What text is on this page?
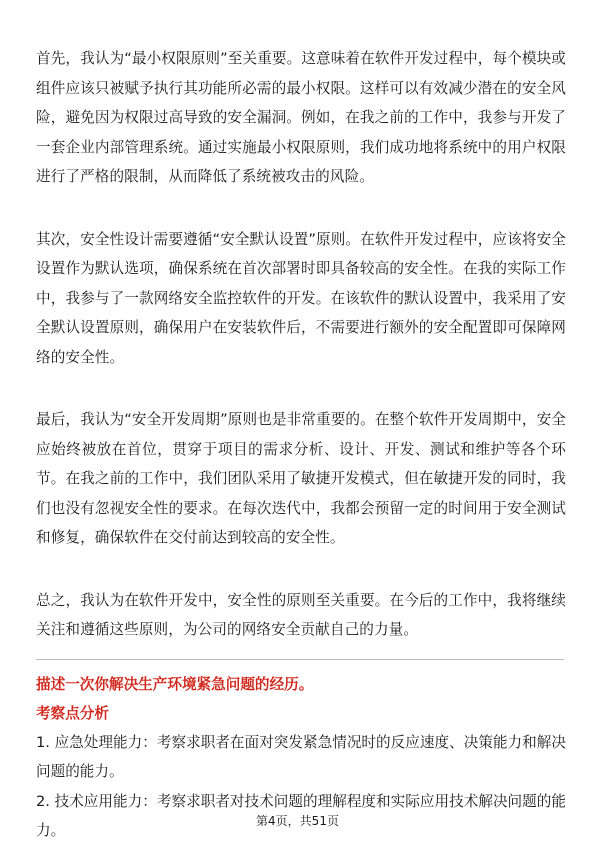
首先，我认为“最小权限原则”至关重要。这意味着在软件开发过程中，每个模块或组件应该只被赋予执行其功能所必需的最小权限。这样可以有效减少潜在的安全风险，避免因为权限过高导致的安全漏洞。例如，在我之前的工作中，我参与开发了一套企业内部管理系统。通过实施最小权限原则，我们成功地将系统中的用户权限进行了严格的限制，从而降低了系统被攻击的风险。

其次，安全性设计需要遵循“安全默认设置”原则。在软件开发过程中，应该将安全设置作为默认选项，确保系统在首次部署时即具备较高的安全性。在我的实际工作中，我参与了一款网络安全监控软件的开发。在该软件的默认设置中，我采用了安全默认设置原则，确保用户在安装软件后，不需要进行额外的安全配置即可保障网络的安全性。

最后，我认为“安全开发周期”原则也是非常重要的。在整个软件开发周期中，安全应始终被放在首位，贯穿于项目的需求分析、设计、开发、测试和维护等各个环节。在我之前的工作中，我们团队采用了敏捷开发模式，但在敏捷开发的同时，我们也没有忽视安全性的要求。在每次迭代中，我都会预留一定的时间用于安全测试和修复，确保软件在交付前达到较高的安全性。

总之，我认为在软件开发中，安全性的原则至关重要。在今后的工作中，我将继续关注和遵循这些原则，为公司的网络安全贡献自己的力量。

描述一次你解决生产环境紧急问题的经历。

考察点分析

1. 应急处理能力：考察求职者在面对突发紧急情况时的反应速度、决策能力和解决问题的能力。

2. 技术应用能力：考察求职者对技术问题的理解程度和实际应用技术解决问题的能力。

第4页，共51页
